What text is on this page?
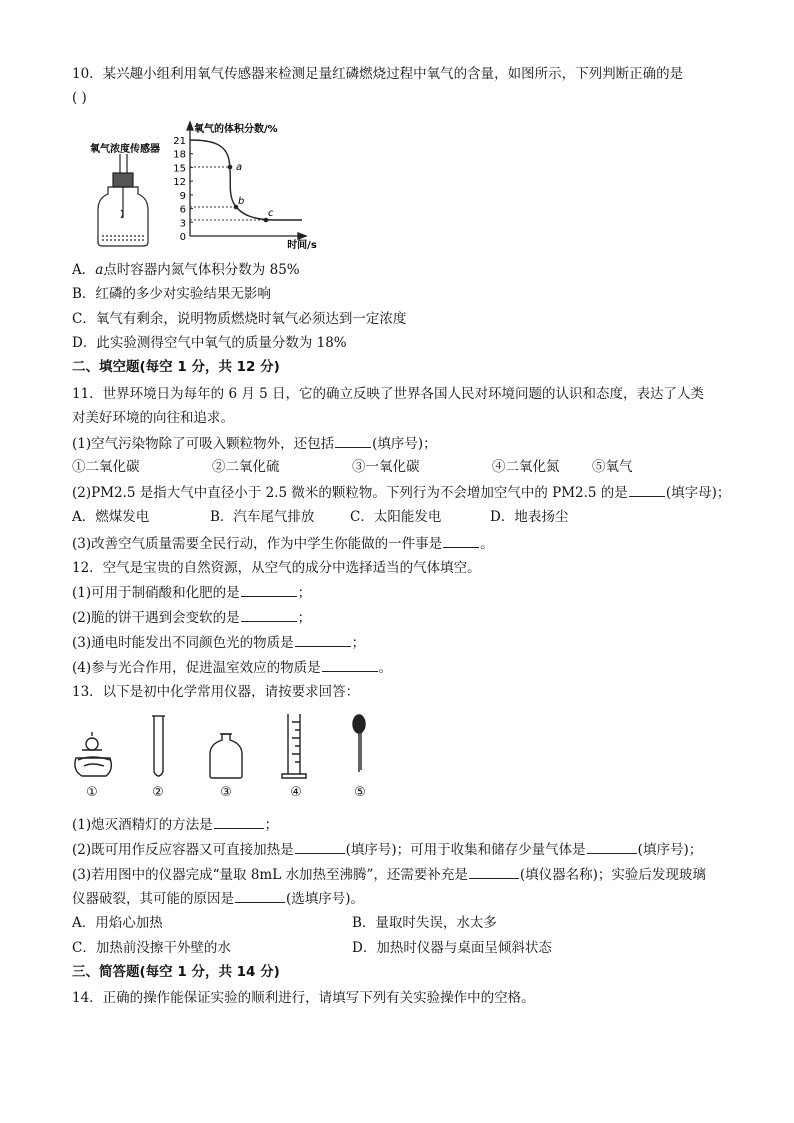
10．某兴趣小组利用氧气传感器来检测足量红磷燃烧过程中氧气的含量，如图所示，下列判断正确的是
( )
氧气浓度传感器
氧气的体积分数/%
时间/s
21
18
15
12
9
6
3
0
a
b
c
A．a点时容器内氮气体积分数为 85%
B．红磷的多少对实验结果无影响
C．氧气有剩余，说明物质燃烧时氧气必须达到一定浓度
D．此实验测得空气中氧气的质量分数为 18%
二、填空题(每空 1 分，共 12 分)
11．世界环境日为每年的 6 月 5 日，它的确立反映了世界各国人民对环境问题的认识和态度，表达了人类
对美好环境的向往和追求。
(1)空气污染物除了可吸入颗粒物外，还包括	(填序号)；
①二氧化碳	②二氧化硫	③一氧化碳	④二氧化氮 ⑤氧气
(2)PM2.5 是指大气中直径小于 2.5 微米的颗粒物。下列行为不会增加空气中的 PM2.5 的是	(填字母)；
A．燃煤发电	B．汽车尾气排放	C．太阳能发电	D．地表扬尘
(3)改善空气质量需要全民行动，作为中学生你能做的一件事是	。
12．空气是宝贵的自然资源，从空气的成分中选择适当的气体填空。
(1)可用于制硝酸和化肥的是	；
(2)脆的饼干遇到会变软的是	；
(3)通电时能发出不同颜色光的物质是	；
(4)参与光合作用，促进温室效应的物质是	。
13．以下是初中化学常用仪器，请按要求回答：
①	②	③	④	⑤
(1)熄灭酒精灯的方法是	；
(2)既可用作反应容器又可直接加热是	(填序号)；可用于收集和储存少量气体是	(填序号)；
(3)若用图中的仪器完成“量取 8mL 水加热至沸腾”，还需要补充是	(填仪器名称)；实验后发现玻璃
仪器破裂，其可能的原因是	(选填序号)。
A．用焰心加热	B．量取时失误，水太多
C．加热前没擦干外壁的水	D．加热时仪器与桌面呈倾斜状态
三、简答题(每空 1 分，共 14 分)
14．正确的操作能保证实验的顺利进行，请填写下列有关实验操作中的空格。
